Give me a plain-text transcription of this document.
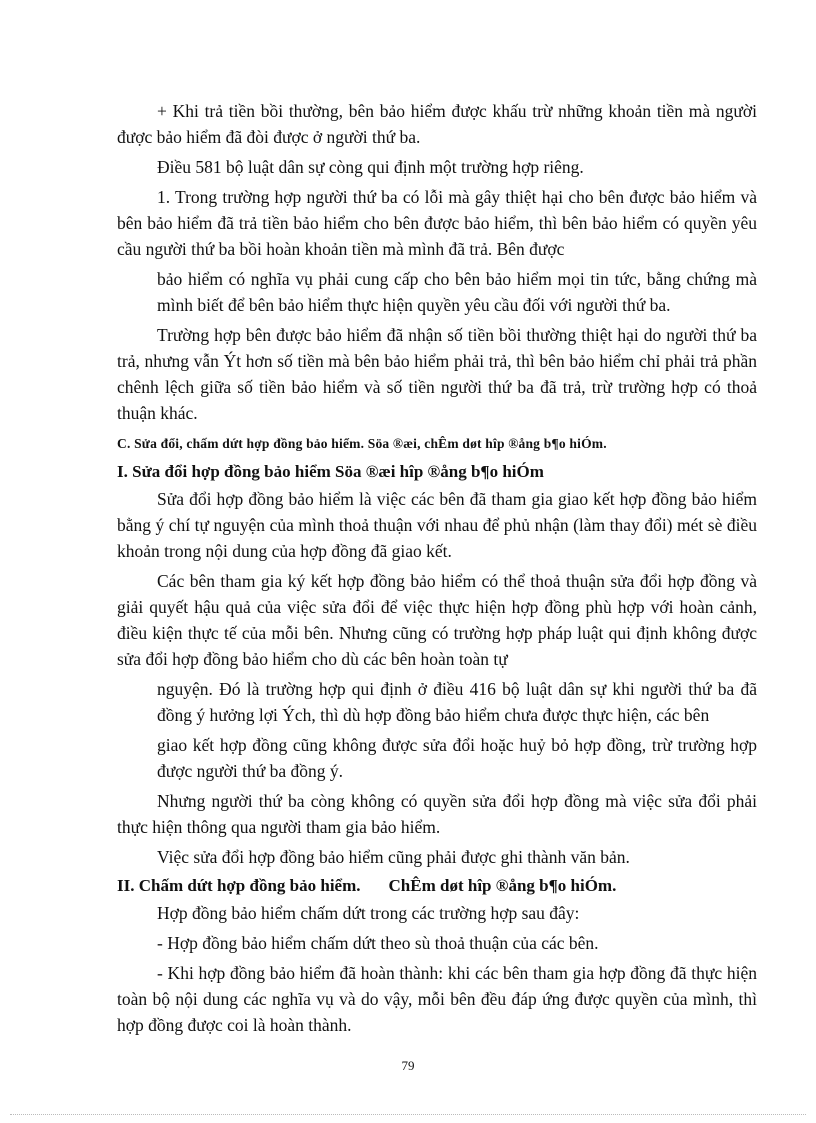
+ Khi trả tiền bồi thường, bên bảo hiểm được khấu trừ những khoản tiền mà người được bảo hiểm đã đòi được ở người thứ ba.

Điều 581 bộ luật dân sự còng qui định một trường hợp riêng.

1. Trong trường hợp người thứ ba có lỗi mà gây thiệt hại cho bên được bảo hiểm và bên bảo hiểm đã trả tiền bảo hiểm cho bên được bảo hiểm, thì bên bảo hiểm có quyền yêu cầu người thứ ba bồi hoàn khoản tiền mà mình đã trả. Bên được

bảo hiểm có nghĩa vụ phải cung cấp cho bên bảo hiểm mọi tin tức, bằng chứng mà mình biết để bên bảo hiểm thực hiện quyền yêu cầu đối với người thứ ba.

Trường hợp bên được bảo hiểm đã nhận số tiền bồi thường thiệt hại do người thứ ba trả, nhưng vẫn Ýt hơn số tiền mà bên bảo hiểm phải trả, thì bên bảo hiểm chỉ phải trả phần chênh lệch giữa số tiền bảo hiểm và số tiền người thứ ba đã trả, trừ trường hợp có thoả thuận khác.

C. Sửa đổi, chấm dứt hợp đồng bảo hiểm. Söa ®æi, chÊm døt hîp ®ång b¶o hiÓm.
I. Sửa đổi hợp đồng bảo hiểm Söa ®æi hîp ®ång b¶o hiÓm

Sửa đổi hợp đồng bảo hiểm là việc các bên đã tham gia giao kết hợp đồng bảo hiểm bằng ý chí tự nguyện của mình thoả thuận với nhau để phủ nhận (làm thay đổi) mét sè điều khoản trong nội dung của hợp đồng đã giao kết.

Các bên tham gia ký kết hợp đồng bảo hiểm có thể thoả thuận sửa đổi hợp đồng và giải quyết hậu quả của việc sửa đổi để việc thực hiện hợp đồng phù hợp với hoàn cảnh, điều kiện thực tế của mỗi bên. Nhưng cũng có trường hợp pháp luật qui định không được sửa đổi hợp đồng bảo hiểm cho dù các bên hoàn toàn tự

nguyện. Đó là trường hợp qui định ở điều 416 bộ luật dân sự khi người thứ ba đã đồng ý hưởng lợi Ých, thì dù hợp đồng bảo hiểm chưa được thực hiện, các bên

giao kết hợp đồng cũng không được sửa đổi hoặc huỷ bỏ hợp đồng, trừ trường hợp được người thứ ba đồng ý.

Nhưng người thứ ba còng không có quyền sửa đổi hợp đồng mà việc sửa đổi phải thực hiện thông qua người tham gia bảo hiểm.

Việc sửa đổi hợp đồng bảo hiểm cũng phải được ghi thành văn bản.

II. Chấm dứt hợp đồng bảo hiểm. ChÊm døt hîp ®ång b¶o hiÓm.

Hợp đồng bảo hiểm chấm dứt trong các trường hợp sau đây:

- Hợp đồng bảo hiểm chấm dứt theo sù thoả thuận của các bên.

- Khi hợp đồng bảo hiểm đã hoàn thành: khi các bên tham gia hợp đồng đã thực hiện toàn bộ nội dung các nghĩa vụ và do vậy, mỗi bên đều đáp ứng được quyền của mình, thì hợp đồng được coi là hoàn thành.

79
